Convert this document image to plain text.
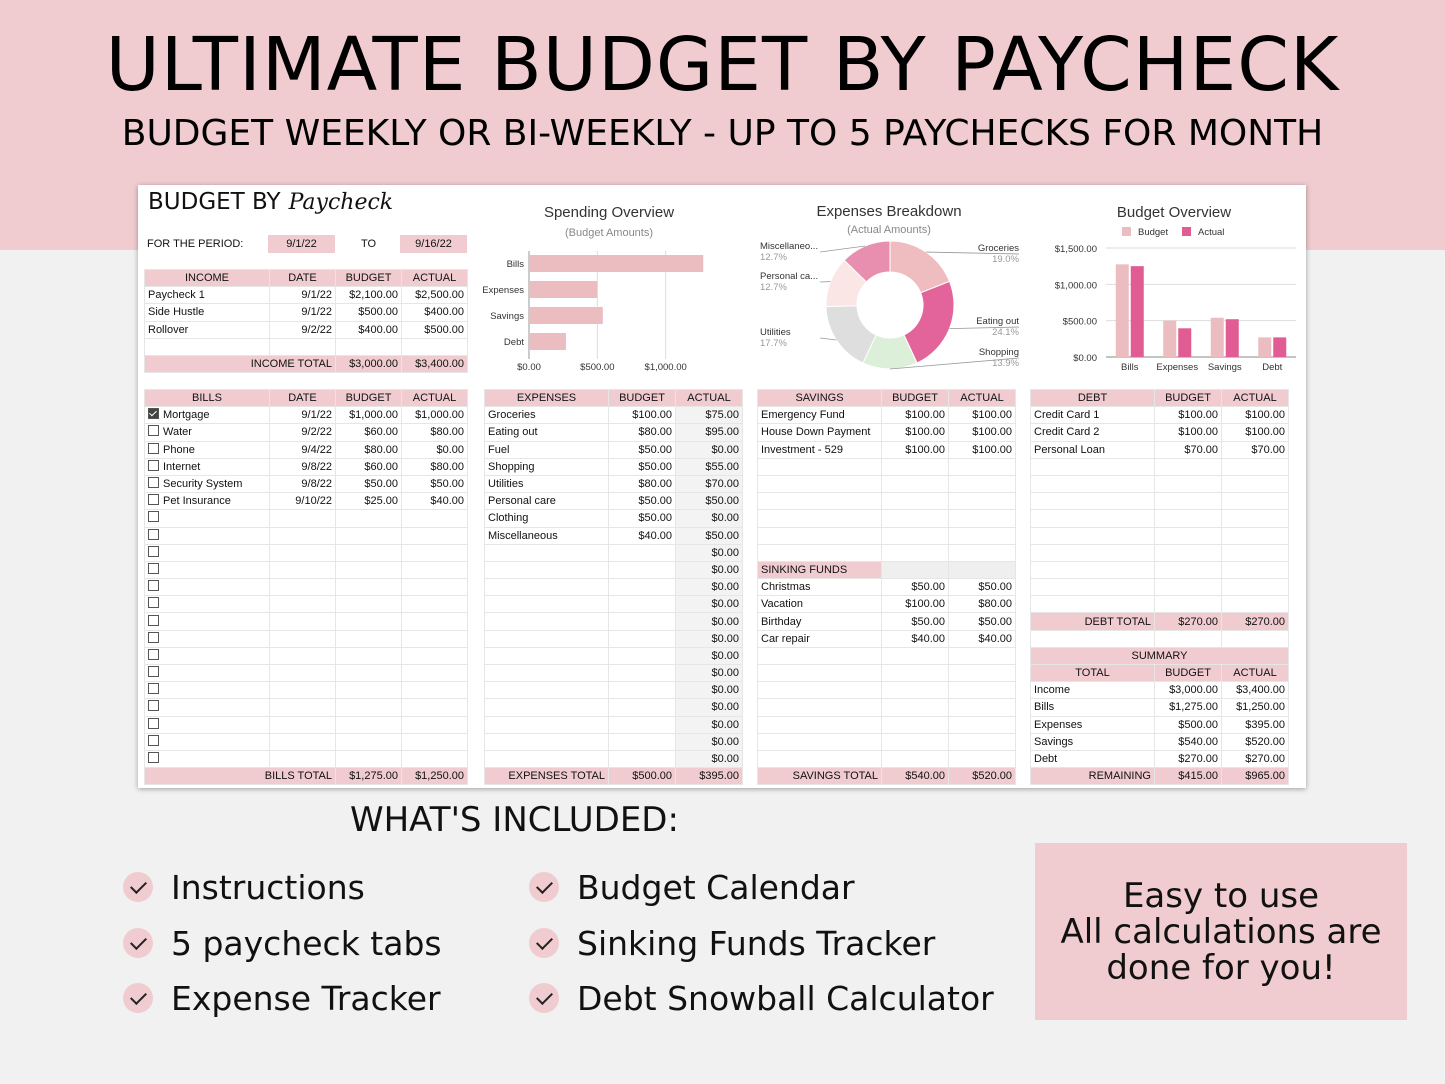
ULTIMATE BUDGET BY PAYCHECK
BUDGET WEEKLY OR BI-WEEKLY - UP TO 5 PAYCHECKS FOR MONTH
BUDGET BY Paycheck
FOR THE PERIOD:	9/1/22	TO	9/16/22
INCOME	DATE	BUDGET	ACTUAL
Paycheck 1	9/1/22	$2,100.00	$2,500.00
Side Hustle	9/1/22	$500.00	$400.00
Rollover	9/2/22	$400.00	$500.00

INCOME TOTAL		$3,000.00	$3,400.00
BILLS	DATE	BUDGET	ACTUAL
Mortgage	9/1/22	$1,000.00	$1,000.00
Water	9/2/22	$60.00	$80.00
Phone	9/4/22	$80.00	$0.00
Internet	9/8/22	$60.00	$80.00
Security System	9/8/22	$50.00	$50.00
Pet Insurance	9/10/22	$25.00	$40.00

BILLS TOTAL		$1,275.00	$1,250.00
EXPENSES	BUDGET	ACTUAL
Groceries	$100.00	$75.00
Eating out	$80.00	$95.00
Fuel	$50.00	$0.00
Shopping	$50.00	$55.00
Utilities	$80.00	$70.00
Personal care	$50.00	$50.00
Clothing	$50.00	$0.00
Miscellaneous	$40.00	$50.00
		$0.00
		$0.00
		$0.00
		$0.00
		$0.00
		$0.00
		$0.00
		$0.00
		$0.00
		$0.00
		$0.00
		$0.00
		$0.00
EXPENSES TOTAL	$500.00	$395.00
SAVINGS	BUDGET	ACTUAL
Emergency Fund	$100.00	$100.00
House Down Payment	$100.00	$100.00
Investment - 529	$100.00	$100.00

SINKING FUNDS		
Christmas	$50.00	$50.00
Vacation	$100.00	$80.00
Birthday	$50.00	$50.00
Car repair	$40.00	$40.00

SAVINGS TOTAL	$540.00	$520.00
DEBT	BUDGET	ACTUAL
Credit Card 1	$100.00	$100.00
Credit Card 2	$100.00	$100.00
Personal Loan	$70.00	$70.00

DEBT TOTAL	$270.00	$270.00

SUMMARY		
TOTAL	BUDGET	ACTUAL
Income	$3,000.00	$3,400.00
Bills	$1,275.00	$1,250.00
Expenses	$500.00	$395.00
Savings	$540.00	$520.00
Debt	$270.00	$270.00
REMAINING	$415.00	$965.00
Spending Overview
(Budget Amounts)
$0.00	$500.00	$1,000.00
Bills
Expenses
Savings
Debt
Expenses Breakdown
(Actual Amounts)
Groceries
19.0%
Eating out
24.1%
Shopping
13.9%
Utilities
17.7%
Personal ca...
12.7%
Miscellaneo...
12.7%
Budget Overview
Budget	Actual
$0.00
$500.00
$1,000.00
$1,500.00
Bills Expenses Savings Debt
WHAT'S INCLUDED:
Instructions
5 paycheck tabs
Expense Tracker
Budget Calendar
Sinking Funds Tracker
Debt Snowball Calculator
Easy to use
All calculations are
done for you!
